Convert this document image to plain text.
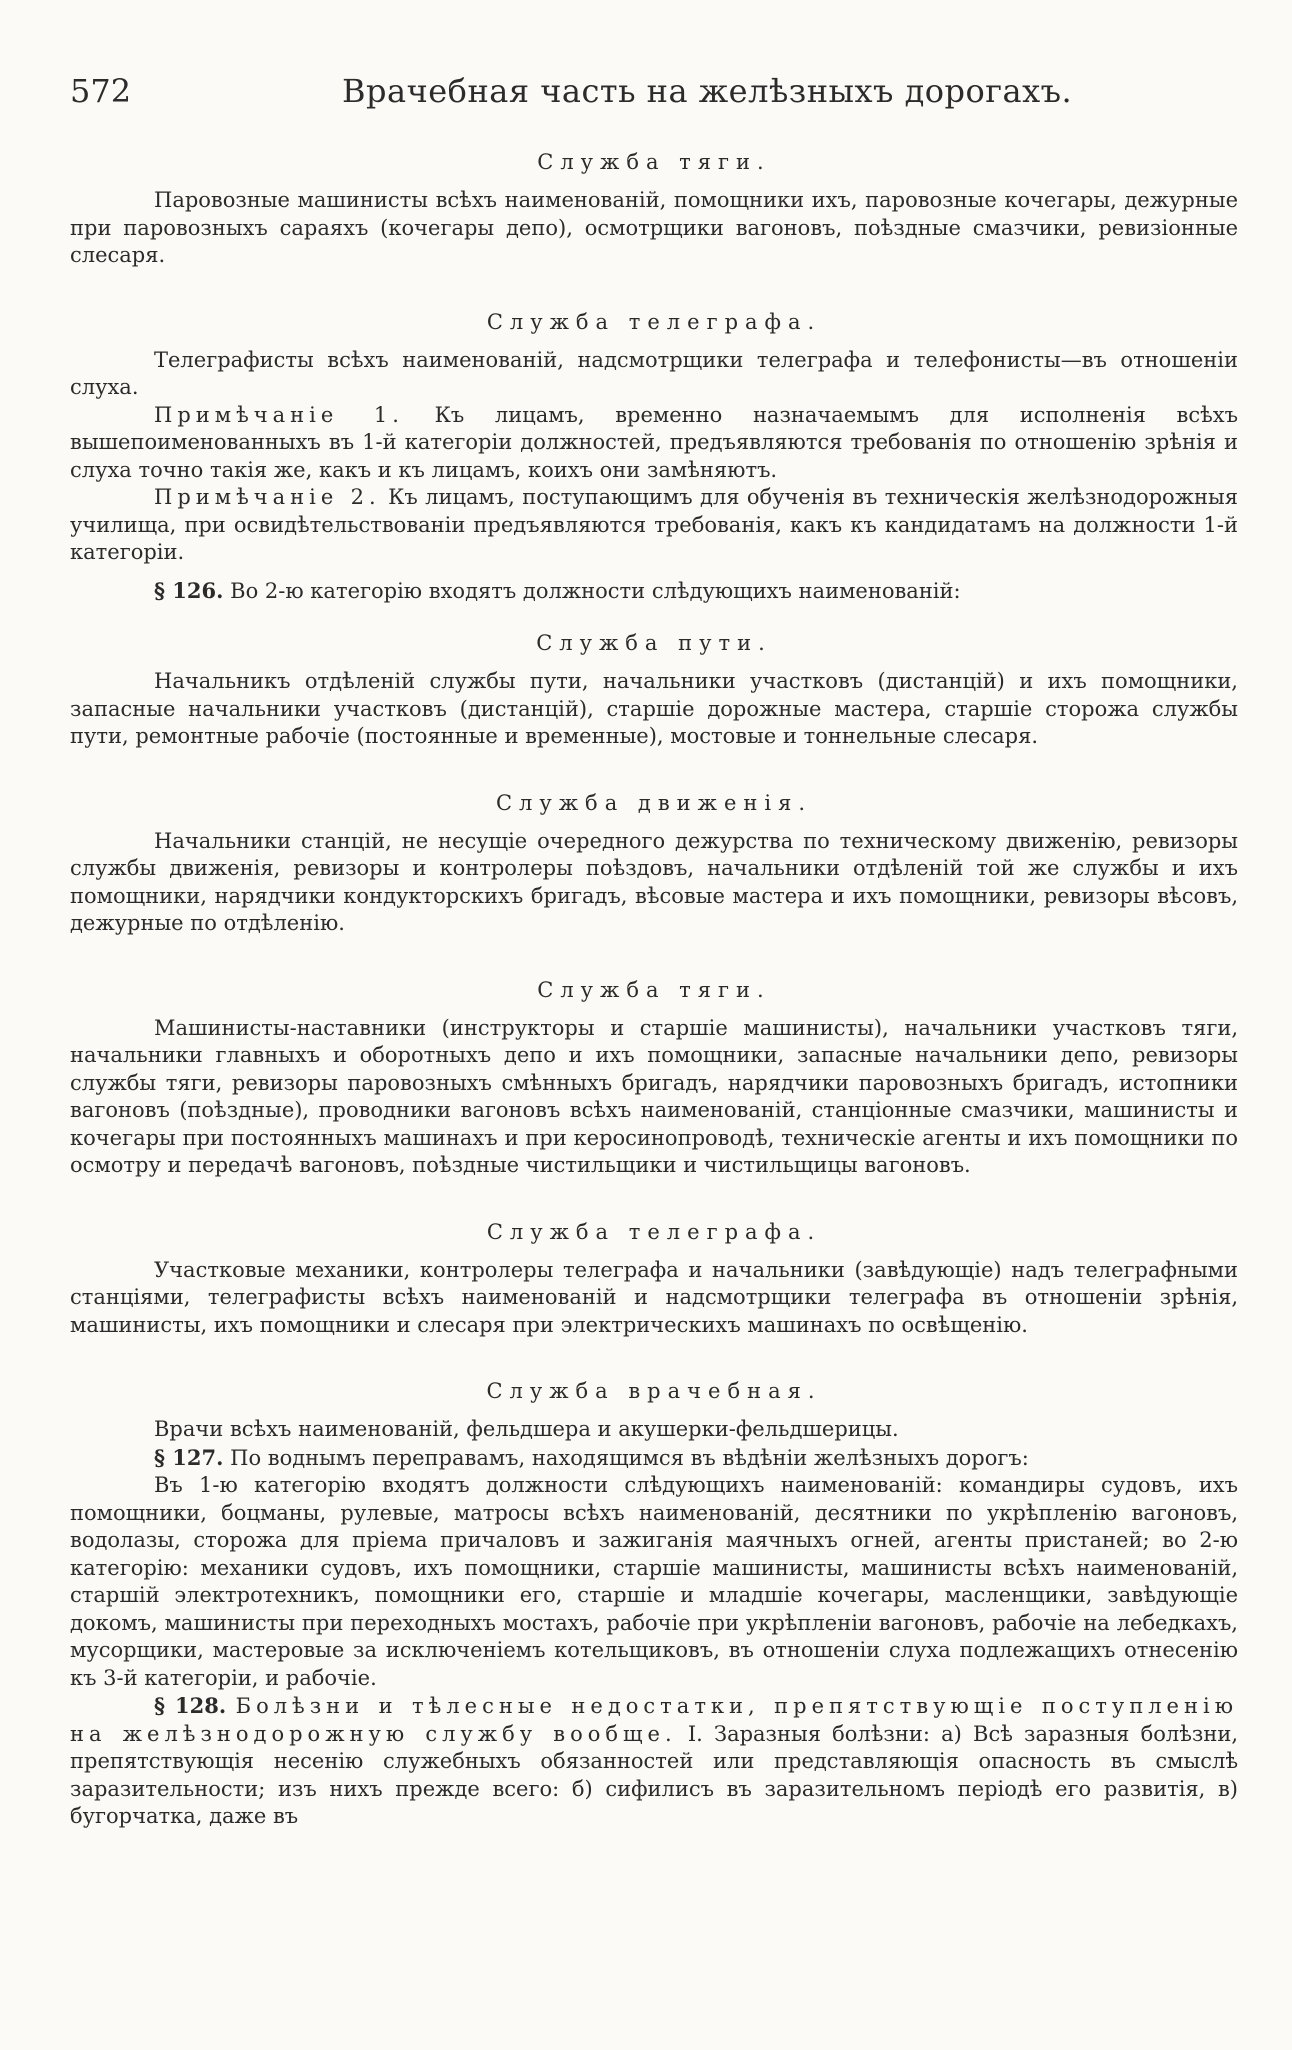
572	Врачебная часть на желѣзныхъ дорогахъ.
Служба тяги.

Паровозные машинисты всѣхъ наименованій, помощники ихъ, паровозные кочегары, дежурные при паровозныхъ сараяхъ (кочегары депо), осмотрщики вагоновъ, поѣздные смазчики, ревизіонные слесаря.

Служба телеграфа.

Телеграфисты всѣхъ наименованій, надсмотрщики телеграфа и телефонисты—въ отношеніи слуха.

Примѣчаніе 1. Къ лицамъ, временно назначаемымъ для исполненія всѣхъ вышепоименованныхъ въ 1-й категоріи должностей, предъявляются требованія по отношенію зрѣнія и слуха точно такія же, какъ и къ лицамъ, коихъ они замѣняютъ.

Примѣчаніе 2. Къ лицамъ, поступающимъ для обученія въ техническія желѣзнодорожныя училища, при освидѣтельствованіи предъявляются требованія, какъ къ кандидатамъ на должности 1-й категоріи.

§ 126. Во 2-ю категорію входятъ должности слѣдующихъ наименованій:

Служба пути.

Начальникъ отдѣленій службы пути, начальники участковъ (дистанцій) и ихъ помощники, запасные начальники участковъ (дистанцій), старшіе дорожные мастера, старшіе сторожа службы пути, ремонтные рабочіе (постоянные и временные), мостовые и тоннельные слесаря.

Служба движенія.

Начальники станцій, не несущіе очередного дежурства по техническому движенію, ревизоры службы движенія, ревизоры и контролеры поѣздовъ, начальники отдѣленій той же службы и ихъ помощники, нарядчики кондукторскихъ бригадъ, вѣсовые мастера и ихъ помощники, ревизоры вѣсовъ, дежурные по отдѣленію.

Служба тяги.

Машинисты-наставники (инструкторы и старшіе машинисты), начальники участковъ тяги, начальники главныхъ и оборотныхъ депо и ихъ помощники, запасные начальники депо, ревизоры службы тяги, ревизоры паровозныхъ смѣнныхъ бригадъ, нарядчики паровозныхъ бригадъ, истопники вагоновъ (поѣздные), проводники вагоновъ всѣхъ наименованій, станціонные смазчики, машинисты и кочегары при постоянныхъ машинахъ и при керосинопроводѣ, техническіе агенты и ихъ помощники по осмотру и передачѣ вагоновъ, поѣздные чистильщики и чистильщицы вагоновъ.

Служба телеграфа.

Участковые механики, контролеры телеграфа и начальники (завѣдующіе) надъ телеграфными станціями, телеграфисты всѣхъ наименованій и надсмотрщики телеграфа въ отношеніи зрѣнія, машинисты, ихъ помощники и слесаря при электрическихъ машинахъ по освѣщенію.

Служба врачебная.

Врачи всѣхъ наименованій, фельдшера и акушерки-фельдшерицы.

§ 127. По воднымъ переправамъ, находящимся въ вѣдѣніи желѣзныхъ дорогъ:

Въ 1-ю категорію входятъ должности слѣдующихъ наименованій: командиры судовъ, ихъ помощники, боцманы, рулевые, матросы всѣхъ наименованій, десятники по укрѣпленію вагоновъ, водолазы, сторожа для пріема причаловъ и зажиганія маячныхъ огней, агенты пристаней; во 2-ю категорію: механики судовъ, ихъ помощники, старшіе машинисты, машинисты всѣхъ наименованій, старшій электротехникъ, помощники его, старшіе и младшіе кочегары, масленщики, завѣдующіе докомъ, машинисты при переходныхъ мостахъ, рабочіе при укрѣпленіи вагоновъ, рабочіе на лебедкахъ, мусорщики, мастеровые за исключеніемъ котельщиковъ, въ отношеніи слуха подлежащихъ отнесенію къ 3-й категоріи, и рабочіе.

§ 128. Болѣзни и тѣлесные недостатки, препятствующіе поступленію на желѣзнодорожную службу вообще. I. Заразныя болѣзни: а) Всѣ заразныя болѣзни, препятствующія несенію служебныхъ обязанностей или представляющія опасность въ смыслѣ заразительности; изъ нихъ прежде всего: б) сифилисъ въ заразительномъ періодѣ его развитія, в) бугорчатка, даже въ
